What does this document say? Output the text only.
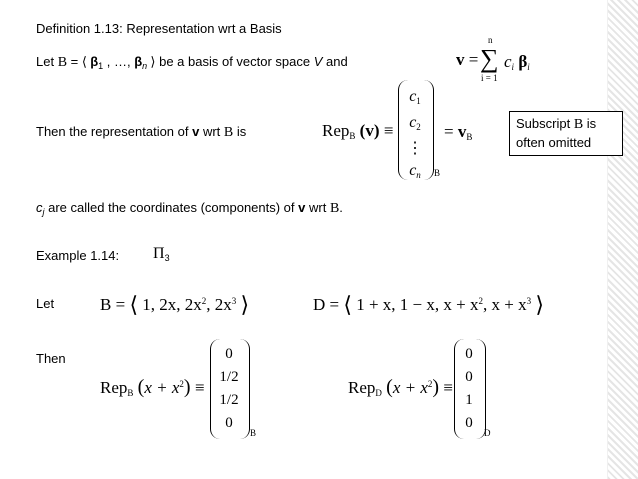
Definition 1.13: Representation wrt a Basis
Let B = ⟨ $\beta_1$ , …, $\beta_n$ ⟩ be a basis of vector space V and	v =
n
∑
i = 1
$c_i$ $\beta_i$
Then the representation of v wrt B is	Rep$_B$ (v) ≡
$c_1$
$c_2$
⋮
$c_n$	B
= $v_B$
Subscript B is
often omitted
$c_j$ are called the coordinates (components) of v wrt B.
Example 1.14: $\Pi_3$
Let	B = ⟨ 1, 2x, $2x^2$, $2x^3$ ⟩	D = ⟨ 1 + x, 1 − x, $x + x^2$, $x + x^3$ ⟩
Then
Rep$_B$ $(x + x^2)$ ≡
0
1/2
1/2
0
B
Rep$_D$ $(x + x^2)$ ≡
0
0
1
0
D
